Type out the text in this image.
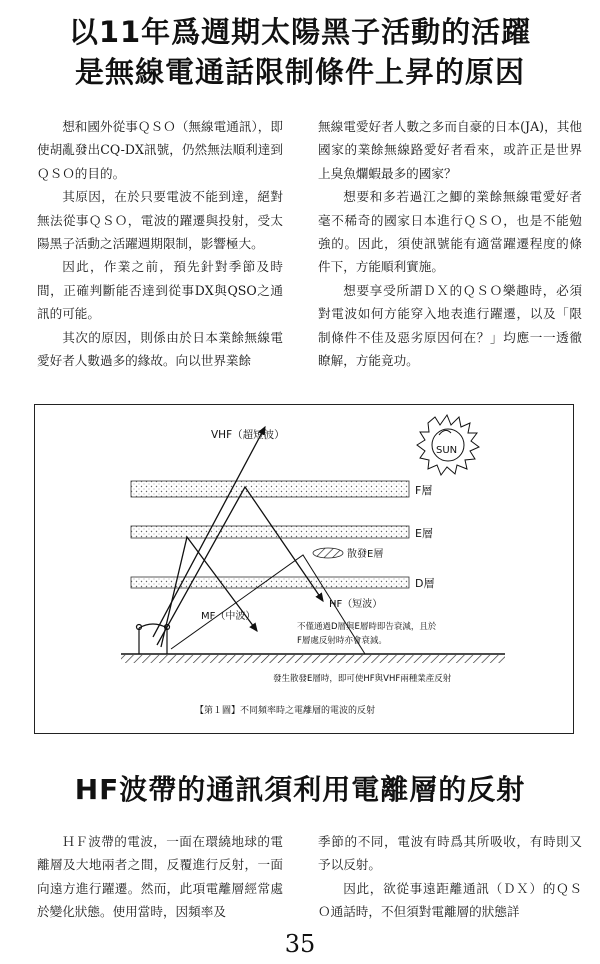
以11年爲週期太陽黑子活動的活躍
是無線電通話限制條件上昇的原因

想和國外從事ＱＳＯ（無線電通訊），即使胡亂發出CQ-DX訊號，仍然無法順利達到ＱＳＯ的目的。

其原因，在於只要電波不能到達，絕對無法從事ＱＳＯ，電波的躍遷與投射，受太陽黑子活動之活躍週期限制，影響極大。

因此，作業之前，預先針對季節及時間，正確判斷能否達到從事DX與QSO之通訊的可能。

其次的原因，則係由於日本業餘無線電愛好者人數過多的緣故。向以世界業餘

無線電愛好者人數之多而自豪的日本(JA)，其他國家的業餘無線路愛好者看來，或許正是世界上臭魚爛蝦最多的國家？

想要和多若過江之鯽的業餘無線電愛好者毫不稀奇的國家日本進行ＱＳＯ，也是不能勉強的。因此，須使訊號能有適當躍遷程度的條件下，方能順利實施。

想要享受所謂ＤＸ的ＱＳＯ樂趣時，必須對電波如何方能穿入地表進行躍遷，以及「限制條件不佳及惡劣原因何在？」均應一一透徹瞭解，方能竟功。

F層
E層
散發E層
D層
VHF（超短波）
HF（短波）
MF（中波）
SUN
不僅通過D層與E層時即告衰減，且於
F層處反射時亦會衰減。
發生散發E層時，即可使HF與VHF兩種業產反射
【第１圖】不同頻率時之電離層的電波的反射
HF波帶的通訊須利用電離層的反射

ＨＦ波帶的電波，一面在環繞地球的電離層及大地兩者之間，反覆進行反射，一面向遠方進行躍遷。然而，此項電離層經常處於變化狀態。使用當時，因頻率及

季節的不同，電波有時爲其所吸收，有時則又予以反射。

因此，欲從事遠距離通訊（ＤＸ）的ＱＳＯ通話時，不但須對電離層的狀態詳

35
